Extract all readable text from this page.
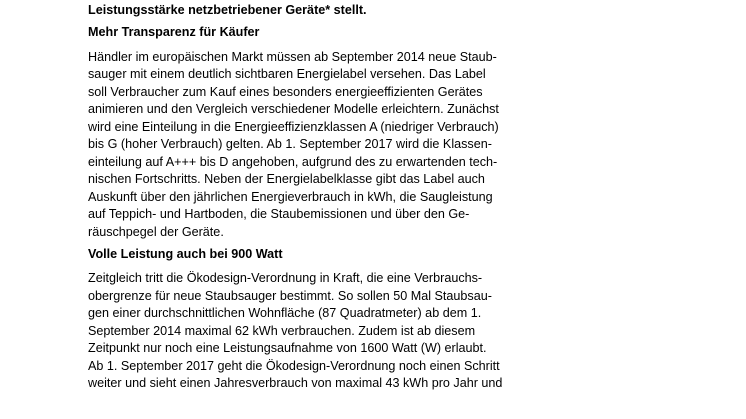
Leistungsstärke netzbetriebener Geräte* stellt.
Mehr Transparenz für Käufer
Händler im europäischen Markt müssen ab September 2014 neue Staub-
sauger mit einem deutlich sichtbaren Energielabel versehen. Das Label
soll Verbraucher zum Kauf eines besonders energieeffizienten Gerätes
animieren und den Vergleich verschiedener Modelle erleichtern. Zunächst
wird eine Einteilung in die Energieeffizienzklassen A (niedriger Verbrauch)
bis G (hoher Verbrauch) gelten. Ab 1. September 2017 wird die Klassen-
einteilung auf A+++ bis D angehoben, aufgrund des zu erwartenden tech-
nischen Fortschritts. Neben der Energielabelklasse gibt das Label auch
Auskunft über den jährlichen Energieverbrauch in kWh, die Saugleistung
auf Teppich- und Hartboden, die Staubemissionen und über den Ge-
räuschpegel der Geräte.
Volle Leistung auch bei 900 Watt
Zeitgleich tritt die Ökodesign-Verordnung in Kraft, die eine Verbrauchs-
obergrenze für neue Staubsauger bestimmt. So sollen 50 Mal Staubsau-
gen einer durchschnittlichen Wohnfläche (87 Quadratmeter) ab dem 1.
September 2014 maximal 62 kWh verbrauchen. Zudem ist ab diesem
Zeitpunkt nur noch eine Leistungsaufnahme von 1600 Watt (W) erlaubt.
Ab 1. September 2017 geht die Ökodesign-Verordnung noch einen Schritt
weiter und sieht einen Jahresverbrauch von maximal 43 kWh pro Jahr und
